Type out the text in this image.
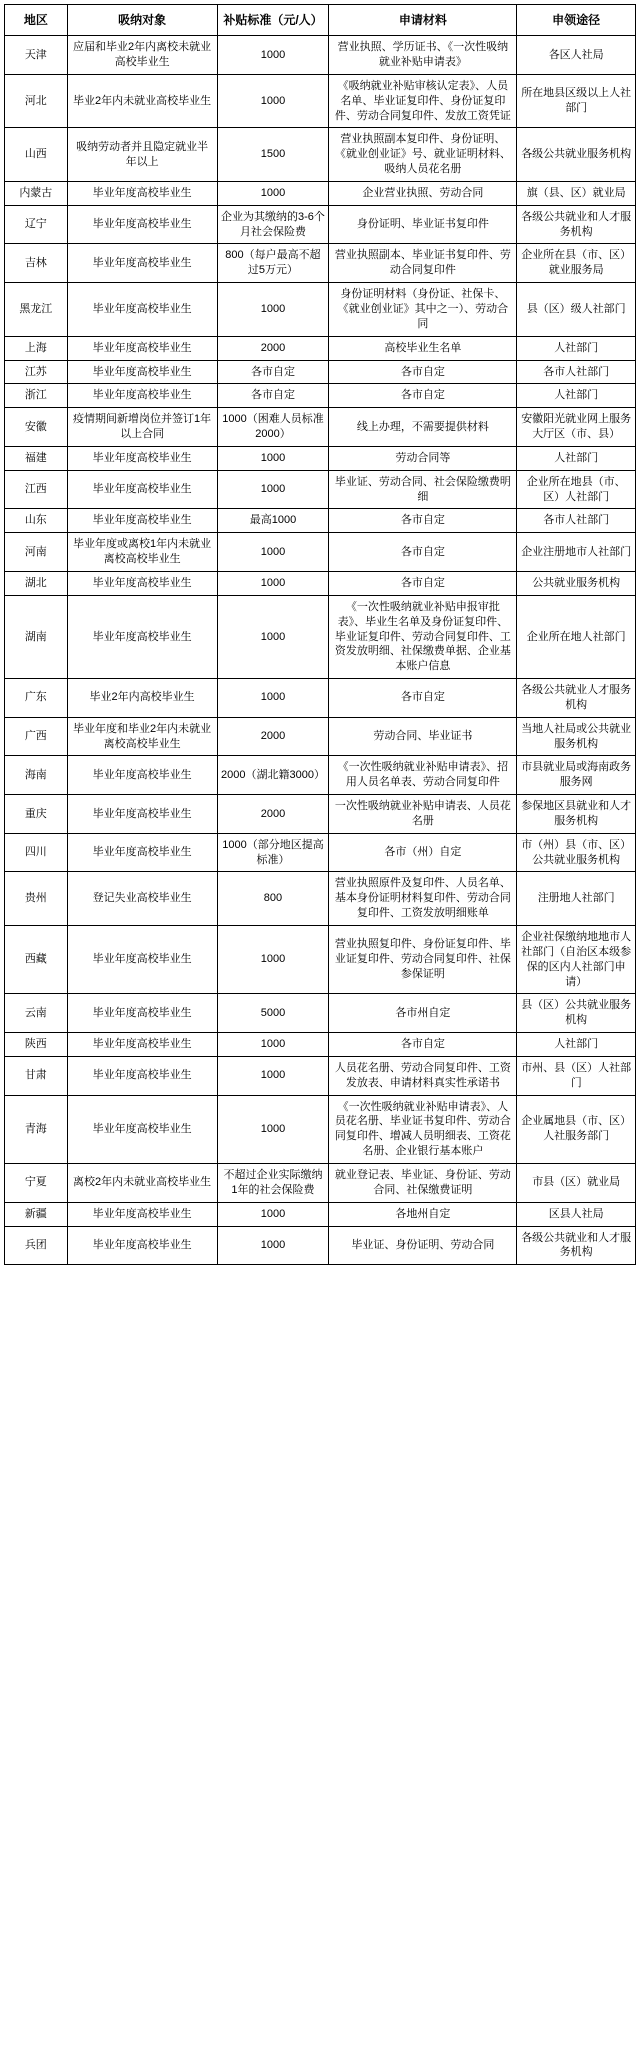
地区	吸纳对象	补贴标准（元/人）	申请材料	申领途径
天津	应届和毕业2年内离校未就业高校毕业生	1000	营业执照、学历证书、《一次性吸纳就业补贴申请表》	各区人社局
河北	毕业2年内未就业高校毕业生	1000	《吸纳就业补贴审核认定表》、人员名单、毕业证复印件、身份证复印件、劳动合同复印件、发放工资凭证	所在地县区级以上人社部门
山西	吸纳劳动者并且隐定就业半年以上	1500	营业执照副本复印件、身份证明、《就业创业证》号、就业证明材料、吸纳人员花名册	各级公共就业服务机构
内蒙古	毕业年度高校毕业生	1000	企业营业执照、劳动合同	旗（县、区）就业局
辽宁	毕业年度高校毕业生	企业为其缴纳的3-6个月社会保险费	身份证明、毕业证书复印件	各级公共就业和人才服务机构
吉林	毕业年度高校毕业生	800（每户最高不超过5万元）	营业执照副本、毕业证书复印件、劳动合同复印件	企业所在县（市、区）就业服务局
黑龙江	毕业年度高校毕业生	1000	身份证明材料（身份证、社保卡、《就业创业证》其中之一）、劳动合同	县（区）级人社部门
上海	毕业年度高校毕业生	2000	高校毕业生名单	人社部门
江苏	毕业年度高校毕业生	各市自定	各市自定	各市人社部门
浙江	毕业年度高校毕业生	各市自定	各市自定	人社部门
安徽	疫情期间新增岗位并签订1年以上合同	1000（困难人员标准2000）	线上办理，不需要提供材料	安徽阳光就业网上服务大厅区（市、县）
福建	毕业年度高校毕业生	1000	劳动合同等	人社部门
江西	毕业年度高校毕业生	1000	毕业证、劳动合同、社会保险缴费明细	企业所在地县（市、区）人社部门
山东	毕业年度高校毕业生	最高1000	各市自定	各市人社部门
河南	毕业年度或离校1年内未就业离校高校毕业生	1000	各市自定	企业注册地市人社部门
湖北	毕业年度高校毕业生	1000	各市自定	公共就业服务机构
湖南	毕业年度高校毕业生	1000	《一次性吸纳就业补贴申报审批表》、毕业生名单及身份证复印件、毕业证复印件、劳动合同复印件、工资发放明细、社保缴费单据、企业基本账户信息	企业所在地人社部门
广东	毕业2年内高校毕业生	1000	各市自定	各级公共就业人才服务机构
广西	毕业年度和毕业2年内未就业离校高校毕业生	2000	劳动合同、毕业证书	当地人社局或公共就业服务机构
海南	毕业年度高校毕业生	2000（湖北籍3000）	《一次性吸纳就业补贴申请表》、招用人员名单表、劳动合同复印件	市县就业局或海南政务服务网
重庆	毕业年度高校毕业生	2000	一次性吸纳就业补贴申请表、人员花名册	参保地区县就业和人才服务机构
四川	毕业年度高校毕业生	1000（部分地区提高标准）	各市（州）自定	市（州）县（市、区）公共就业服务机构
贵州	登记失业高校毕业生	800	营业执照原件及复印件、人员名单、基本身份证明材料复印件、劳动合同复印件、工资发放明细账单	注册地人社部门
西藏	毕业年度高校毕业生	1000	营业执照复印件、身份证复印件、毕业证复印件、劳动合同复印件、社保参保证明	企业社保缴纳地地市人社部门（自治区本级参保的区内人社部门申请）
云南	毕业年度高校毕业生	5000	各市州自定	县（区）公共就业服务机构
陕西	毕业年度高校毕业生	1000	各市自定	人社部门
甘肃	毕业年度高校毕业生	1000	人员花名册、劳动合同复印件、工资发放表、申请材料真实性承诺书	市州、县（区）人社部门
青海	毕业年度高校毕业生	1000	《一次性吸纳就业补贴申请表》、人员花名册、毕业证书复印件、劳动合同复印件、增减人员明细表、工资花名册、企业银行基本账户	企业属地县（市、区）人社服务部门
宁夏	离校2年内未就业高校毕业生	不超过企业实际缴纳1年的社会保险费	就业登记表、毕业证、身份证、劳动合同、社保缴费证明	市县（区）就业局
新疆	毕业年度高校毕业生	1000	各地州自定	区县人社局
兵团	毕业年度高校毕业生	1000	毕业证、身份证明、劳动合同	各级公共就业和人才服务机构
